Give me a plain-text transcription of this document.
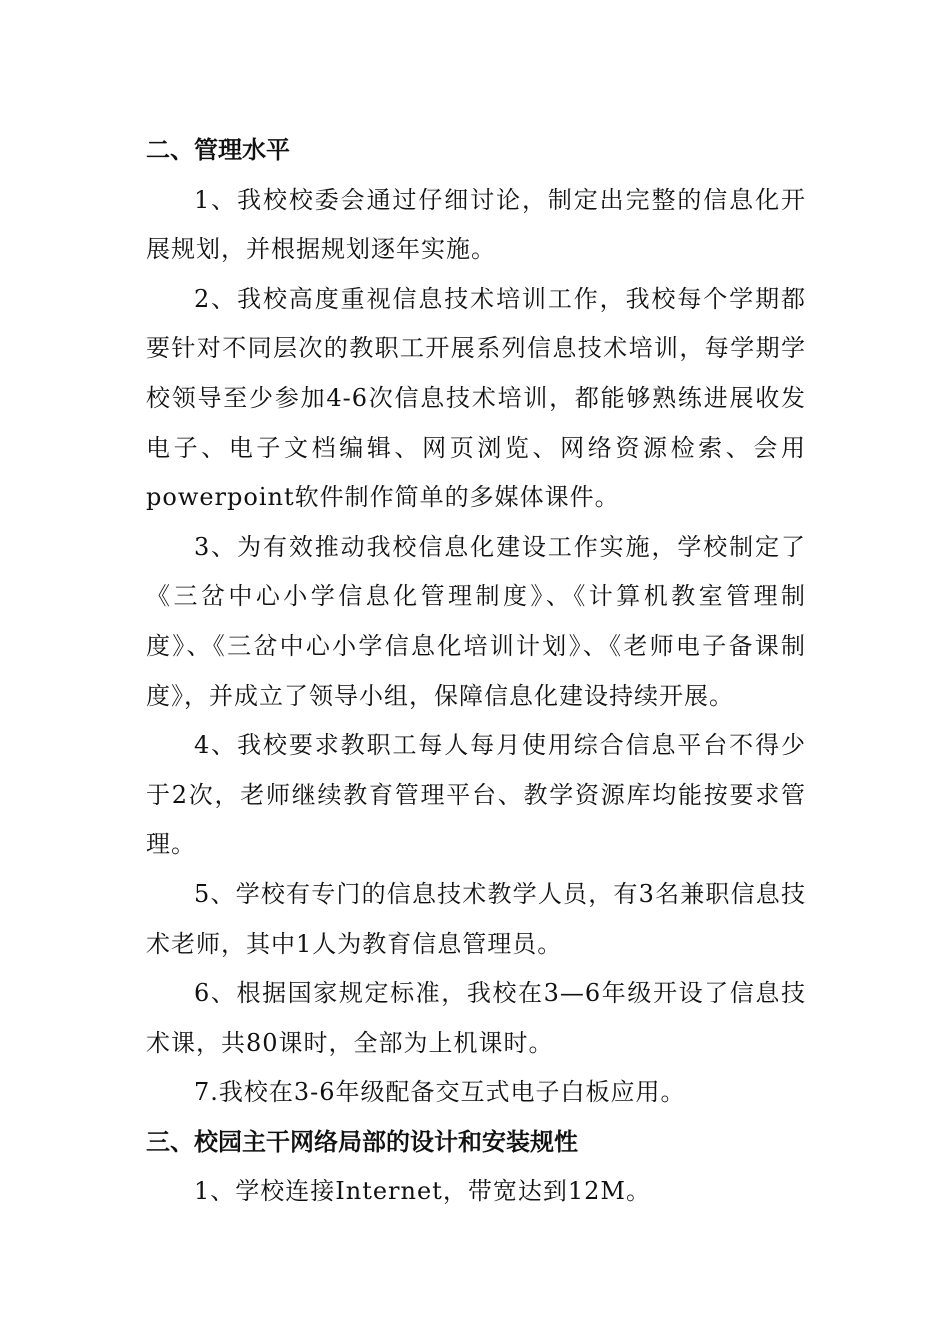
二、管理水平

1、我校校委会通过仔细讨论，制定出完整的信息化开展规划，并根据规划逐年实施。

2、我校高度重视信息技术培训工作，我校每个学期都要针对不同层次的教职工开展系列信息技术培训，每学期学校领导至少参加4-6次信息技术培训，都能够熟练进展收发电子、电子文档编辑、网页浏览、网络资源检索、会用powerpoint软件制作简单的多媒体课件。

3、为有效推动我校信息化建设工作实施，学校制定了《三岔中心小学信息化管理制度》、《计算机教室管理制度》、《三岔中心小学信息化培训计划》、《老师电子备课制度》，并成立了领导小组，保障信息化建设持续开展。

4、我校要求教职工每人每月使用综合信息平台不得少于2次，老师继续教育管理平台、教学资源库均能按要求管理。

5、学校有专门的信息技术教学人员，有3名兼职信息技术老师，其中1人为教育信息管理员。

6、根据国家规定标准，我校在3—6年级开设了信息技术课，共80课时，全部为上机课时。

7.我校在3-6年级配备交互式电子白板应用。

三、校园主干网络局部的设计和安装规性

1、学校连接Internet，带宽达到12M。
